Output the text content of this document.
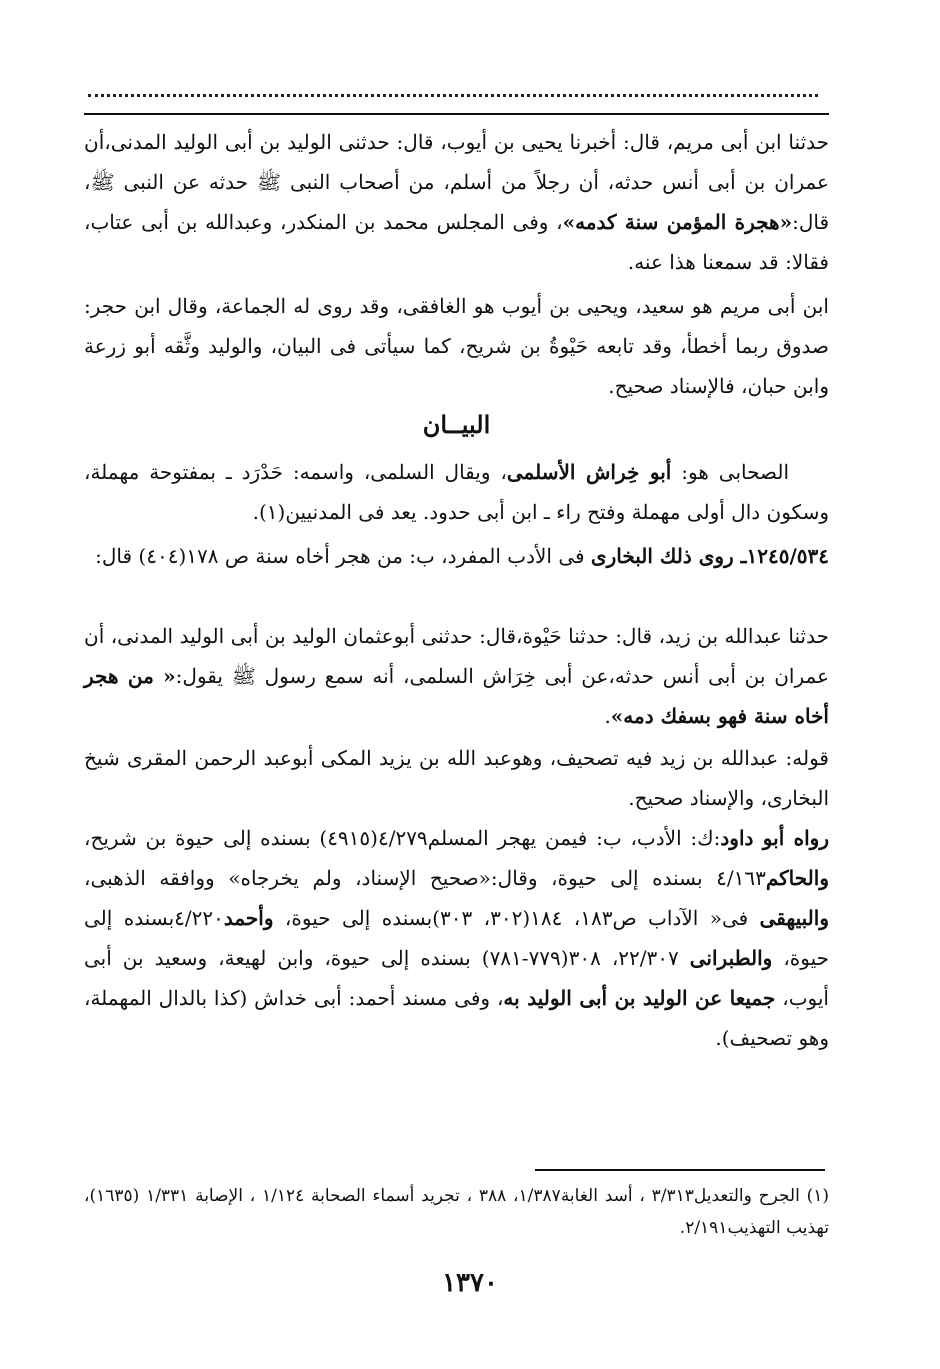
حدثنا ابن أبى مريم، قال: أخبرنا يحيى بن أيوب، قال: حدثنى الوليد بن أبى الوليد المدنى،أن عمران بن أبى أنس حدثه، أن رجلاً من أسلم، من أصحاب النبى ﷺ حدثه عن النبى ﷺ، قال:«هجرة المؤمن سنة كدمه»، وفى المجلس محمد بن المنكدر، وعبدالله بن أبى عتاب، فقالا: قد سمعنا هذا عنه.

ابن أبى مريم هو سعيد، ويحيى بن أيوب هو الغافقى، وقد روى له الجماعة، وقال ابن حجر: صدوق ربما أخطأ، وقد تابعه حَيْوةُ بن شريح، كما سيأتى فى البيان، والوليد وثَّقه أبو زرعة وابن حبان، فالإسناد صحيح.

البيــان

الصحابى هو: أبو خِراش الأسلمى، ويقال السلمى، واسمه: حَدْرَد ـ بمفتوحة مهملة، وسكون دال أولى مهملة وفتح راء ـ ابن أبى حدود. يعد فى المدنيين(١).

١٢٤٥/٥٣٤ـ روى ذلك البخارى فى الأدب المفرد، ب: من هجر أخاه سنة ص ١٧٨(٤٠٤) قال:

حدثنا عبدالله بن زيد، قال: حدثنا حَيْوة،قال: حدثنى أبوعثمان الوليد بن أبى الوليد المدنى، أن عمران بن أبى أنس حدثه،عن أبى خِرَاش السلمى، أنه سمع رسول ﷺ يقول:« من هجر أخاه سنة فهو بسفك دمه».

قوله: عبدالله بن زيد فيه تصحيف، وهوعبد الله بن يزيد المكى أبوعبد الرحمن المقرى شيخ البخارى، والإسناد صحيح.

رواه أبو داود:ك: الأدب، ب: فيمن يهجر المسلم٤/٢٧٩(٤٩١٥) بسنده إلى حيوة بن شريح، والحاكم٤/١٦٣ بسنده إلى حيوة، وقال:«صحيح الإسناد، ولم يخرجاه» ووافقه الذهبى، والبيهقى فى« الآداب ص١٨٣، ١٨٤(٣٠٢، ٣٠٣)بسنده إلى حيوة، وأحمد٤/٢٢٠بسنده إلى حيوة، والطبرانى ٢٢/٣٠٧، ٣٠٨(٧٧٩-٧٨١) بسنده إلى حيوة، وابن لهيعة، وسعيد بن أبى أيوب، جميعا عن الوليد بن أبى الوليد به، وفى مسند أحمد: أبى خداش (كذا بالدال المهملة، وهو تصحيف).

(١) الجرح والتعديل٣/٣١٣ ، أسد الغابة١/٣٨٧، ٣٨٨ ، تجريد أسماء الصحابة ١/١٢٤ ، الإصابة ١/٣٣١ (١٦٣٥)، تهذيب التهذيب٢/١٩١.
١٣٧٠
